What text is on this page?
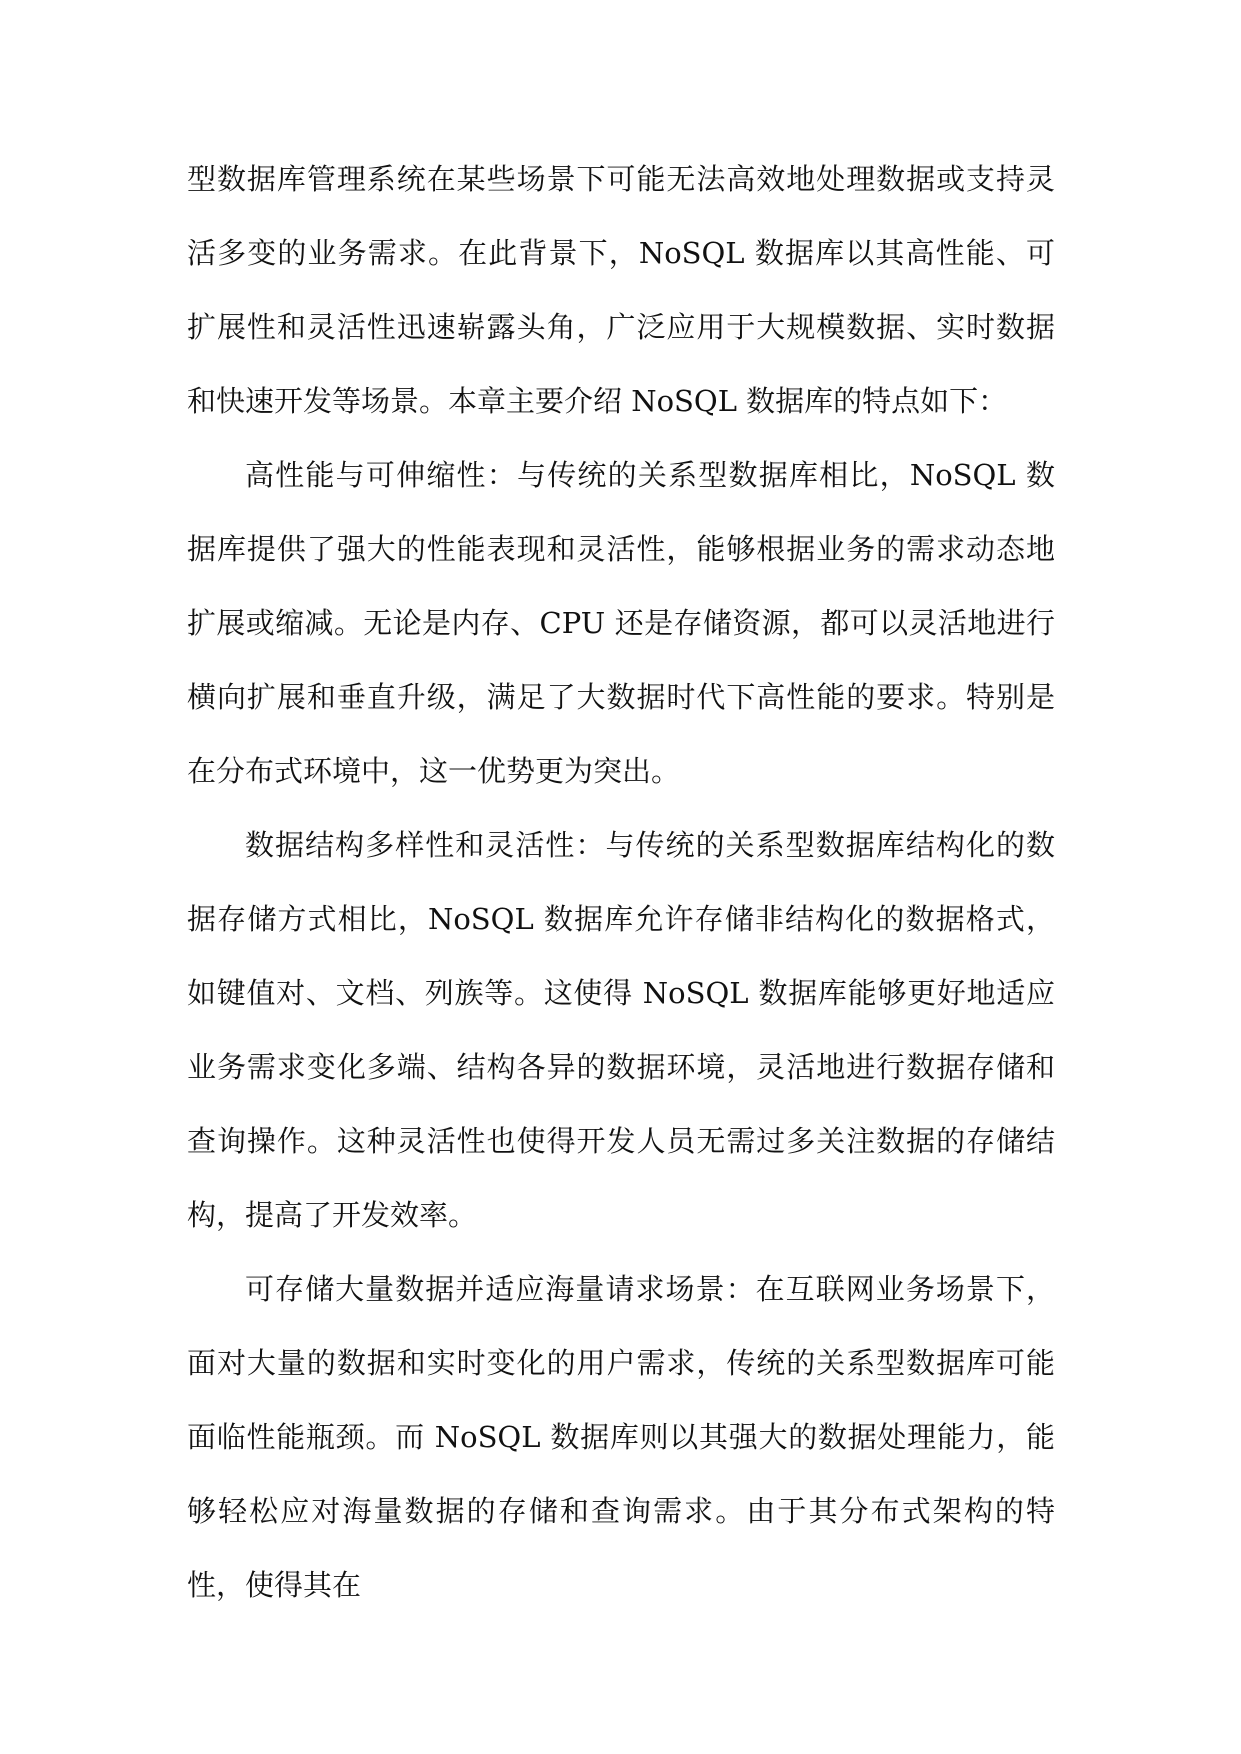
型数据库管理系统在某些场景下可能无法高效地处理数据或支持灵活多变的业务需求。在此背景下，NoSQL 数据库以其高性能、可扩展性和灵活性迅速崭露头角，广泛应用于大规模数据、实时数据和快速开发等场景。本章主要介绍 NoSQL 数据库的特点如下：

高性能与可伸缩性：与传统的关系型数据库相比，NoSQL 数据库提供了强大的性能表现和灵活性，能够根据业务的需求动态地扩展或缩减。无论是内存、CPU 还是存储资源，都可以灵活地进行横向扩展和垂直升级，满足了大数据时代下高性能的要求。特别是在分布式环境中，这一优势更为突出。

数据结构多样性和灵活性：与传统的关系型数据库结构化的数据存储方式相比，NoSQL 数据库允许存储非结构化的数据格式，如键值对、文档、列族等。这使得 NoSQL 数据库能够更好地适应业务需求变化多端、结构各异的数据环境，灵活地进行数据存储和查询操作。这种灵活性也使得开发人员无需过多关注数据的存储结构，提高了开发效率。

可存储大量数据并适应海量请求场景：在互联网业务场景下，面对大量的数据和实时变化的用户需求，传统的关系型数据库可能面临性能瓶颈。而 NoSQL 数据库则以其强大的数据处理能力，能够轻松应对海量数据的存储和查询需求。由于其分布式架构的特性，使得其在
